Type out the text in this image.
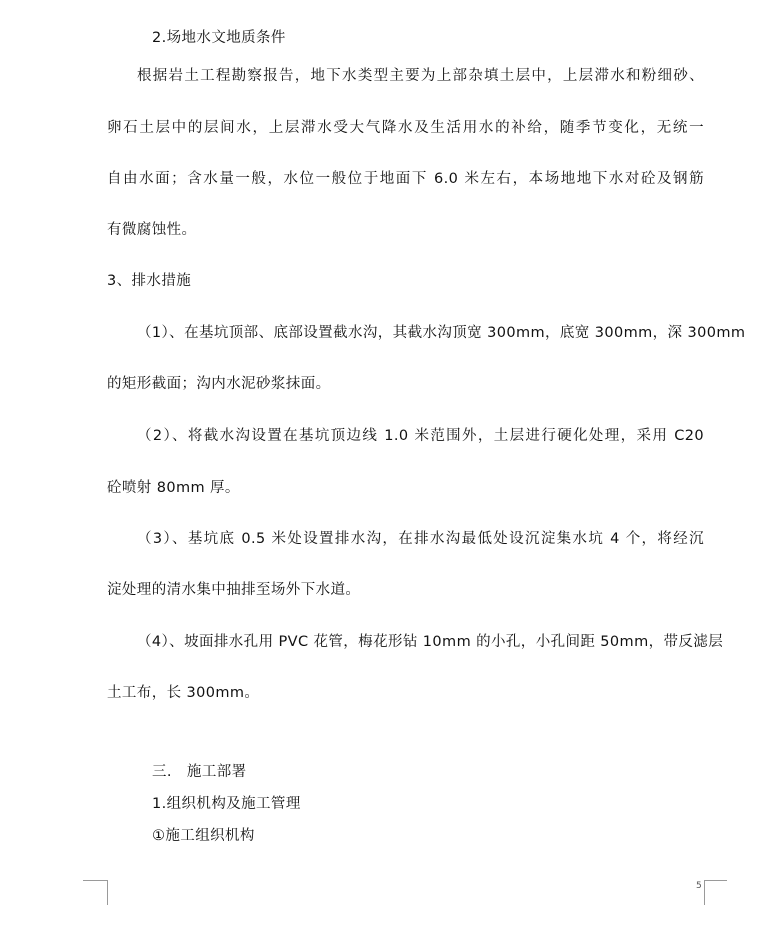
2.场地水文地质条件
根据岩土工程勘察报告，地下水类型主要为上部杂填土层中，上层滞水和粉细砂、
卵石土层中的层间水，上层滞水受大气降水及生活用水的补给，随季节变化，无统一
自由水面；含水量一般，水位一般位于地面下 6.0 米左右，本场地地下水对砼及钢筋
有微腐蚀性。
3、排水措施
（1）、在基坑顶部、底部设置截水沟，其截水沟顶宽 300mm，底宽 300mm，深 300mm
的矩形截面；沟内水泥砂浆抹面。
（2）、将截水沟设置在基坑顶边线 1.0 米范围外，土层进行硬化处理，采用 C20
砼喷射 80mm 厚。
（3）、基坑底 0.5 米处设置排水沟，在排水沟最低处设沉淀集水坑 4 个，将经沉
淀处理的清水集中抽排至场外下水道。
（4）、坡面排水孔用 PVC 花管，梅花形钻 10mm 的小孔，小孔间距 50mm，带反滤层
土工布，长 300mm。
三.   施工部署
1.组织机构及施工管理
①施工组织机构
5
